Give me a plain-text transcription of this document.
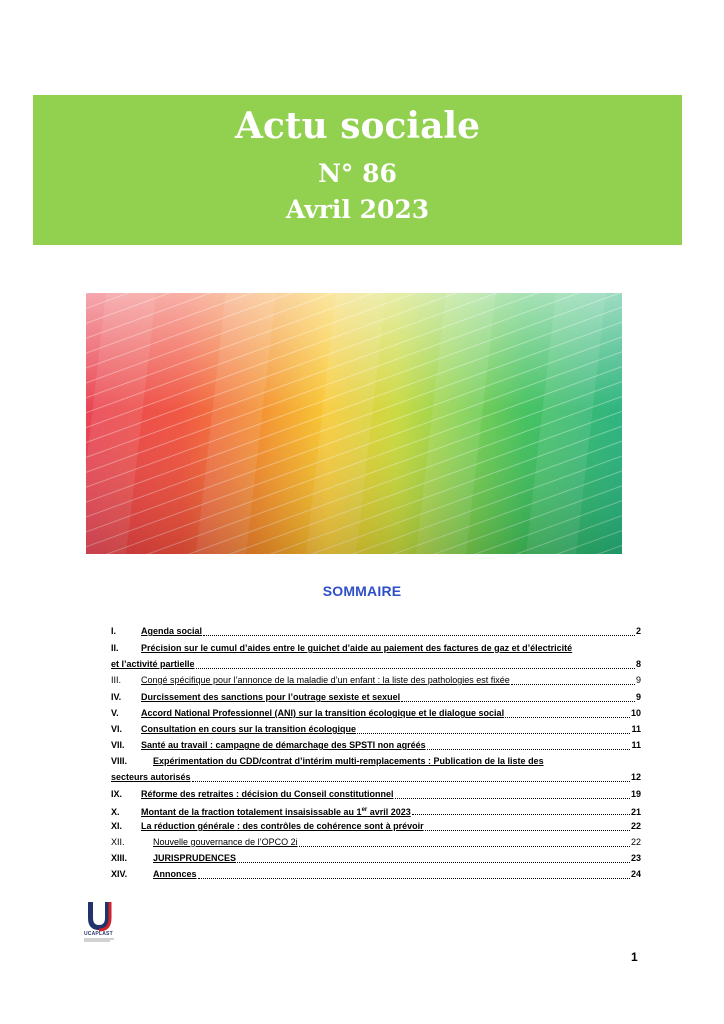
Actu sociale
N° 86
Avril 2023
SOMMAIRE
I.	Agenda social	2
II.	Précision sur le cumul d’aides entre le guichet d’aide au paiement des factures de gaz et d’électricité
et l’activité partielle	8
III.	Congé spécifique pour l’annonce de la maladie d’un enfant : la liste des pathologies est fixée	9
IV.	Durcissement des sanctions pour l’outrage sexiste et sexuel	9
V.	Accord National Professionnel (ANI) sur la transition écologique et le dialogue social	10
VI.	Consultation en cours sur la transition écologique	11
VII.	Santé au travail : campagne de démarchage des SPSTI non agréés	11
VIII.	Expérimentation du CDD/contrat d’intérim multi-remplacements : Publication de la liste des
secteurs autorisés	12
IX.	Réforme des retraites : décision du Conseil constitutionnel	19
X.	Montant de la fraction totalement insaisissable au 1er avril 2023	21
XI.	La réduction générale : des contrôles de cohérence sont à prévoir	22
XII.	Nouvelle gouvernance de l’OPCO 2i	22
XIII.	JURISPRUDENCES	23
XIV.	Annonces	24
UCAPLAST
1
